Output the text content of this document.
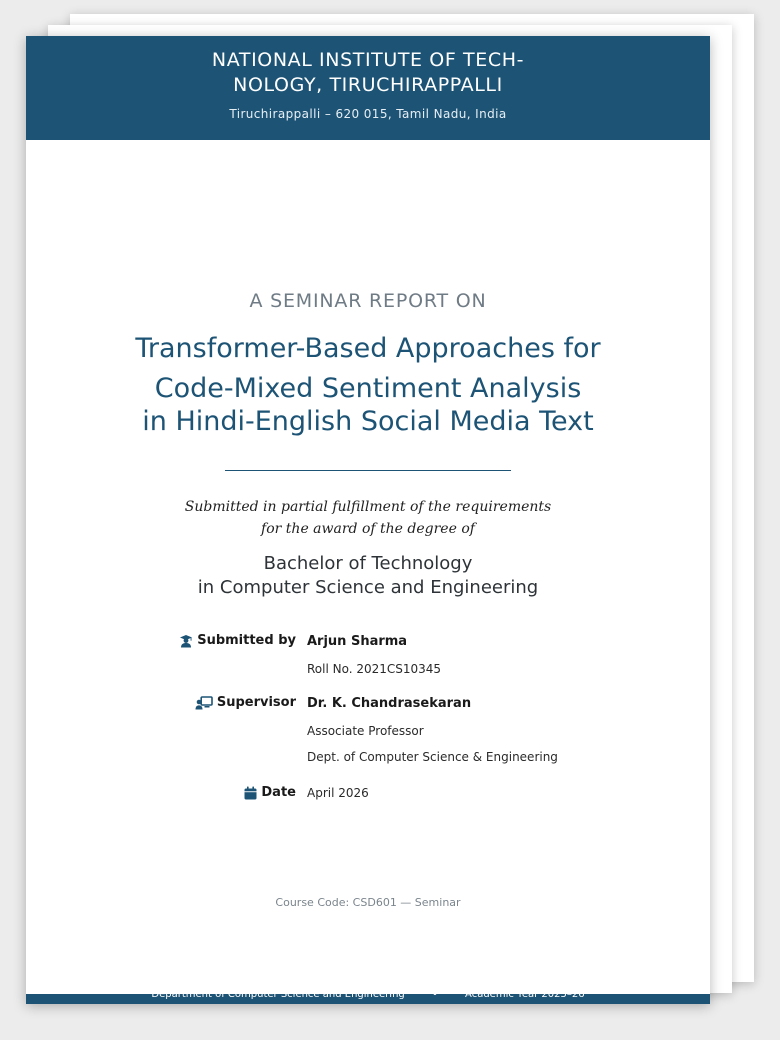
NATIONAL INSTITUTE OF TECH-
NOLOGY, TIRUCHIRAPPALLI
Tiruchirappalli – 620 015, Tamil Nadu, India
A SEMINAR REPORT ON
Transformer-Based Approaches for
Code-Mixed Sentiment Analysis
in Hindi-English Social Media Text
Submitted in partial fulfillment of the requirements
for the award of the degree of
Bachelor of Technology
in Computer Science and Engineering
Submitted by Arjun Sharma
Roll No. 2021CS10345
Supervisor Dr. K. Chandrasekaran
Associate Professor
Dept. of Computer Science & Engineering
Date April 2026
Course Code: CSD601 — Seminar
Department of Computer Science and Engineering	•	Academic Year 2025–26
